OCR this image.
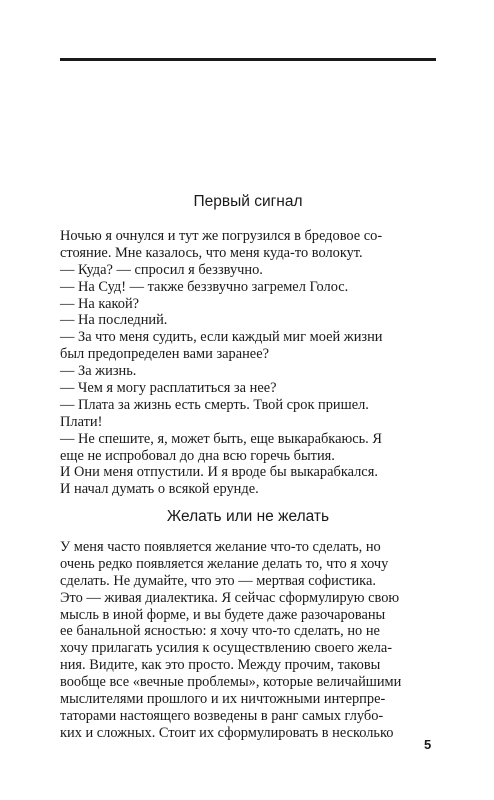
Первый сигнал
Ночью я очнулся и тут же погрузился в бредовое со-
стояние. Мне казалось, что меня куда-то волокут.
— Куда? — спросил я беззвучно.
— На Суд! — также беззвучно загремел Голос.
— На какой?
— На последний.
— За что меня судить, если каждый миг моей жизни
был предопределен вами заранее?
— За жизнь.
— Чем я могу расплатиться за нее?
— Плата за жизнь есть смерть. Твой срок пришел.
Плати!
— Не спешите, я, может быть, еще выкарабкаюсь. Я
еще не испробовал до дна всю горечь бытия.
И Они меня отпустили. И я вроде бы выкарабкался.
И начал думать о всякой ерунде.
Желать или не желать
У меня часто появляется желание что-то сделать, но
очень редко появляется желание делать то, что я хочу
сделать. Не думайте, что это — мертвая софистика.
Это — живая диалектика. Я сейчас сформулирую свою
мысль в иной форме, и вы будете даже разочарованы
ее банальной ясностью: я хочу что-то сделать, но не
хочу прилагать усилия к осуществлению своего жела-
ния. Видите, как это просто. Между прочим, таковы
вообще все «вечные проблемы», которые величайшими
мыслителями прошлого и их ничтожными интерпре-
таторами настоящего возведены в ранг самых глубо-
ких и сложных. Стоит их сформулировать в несколько
5
